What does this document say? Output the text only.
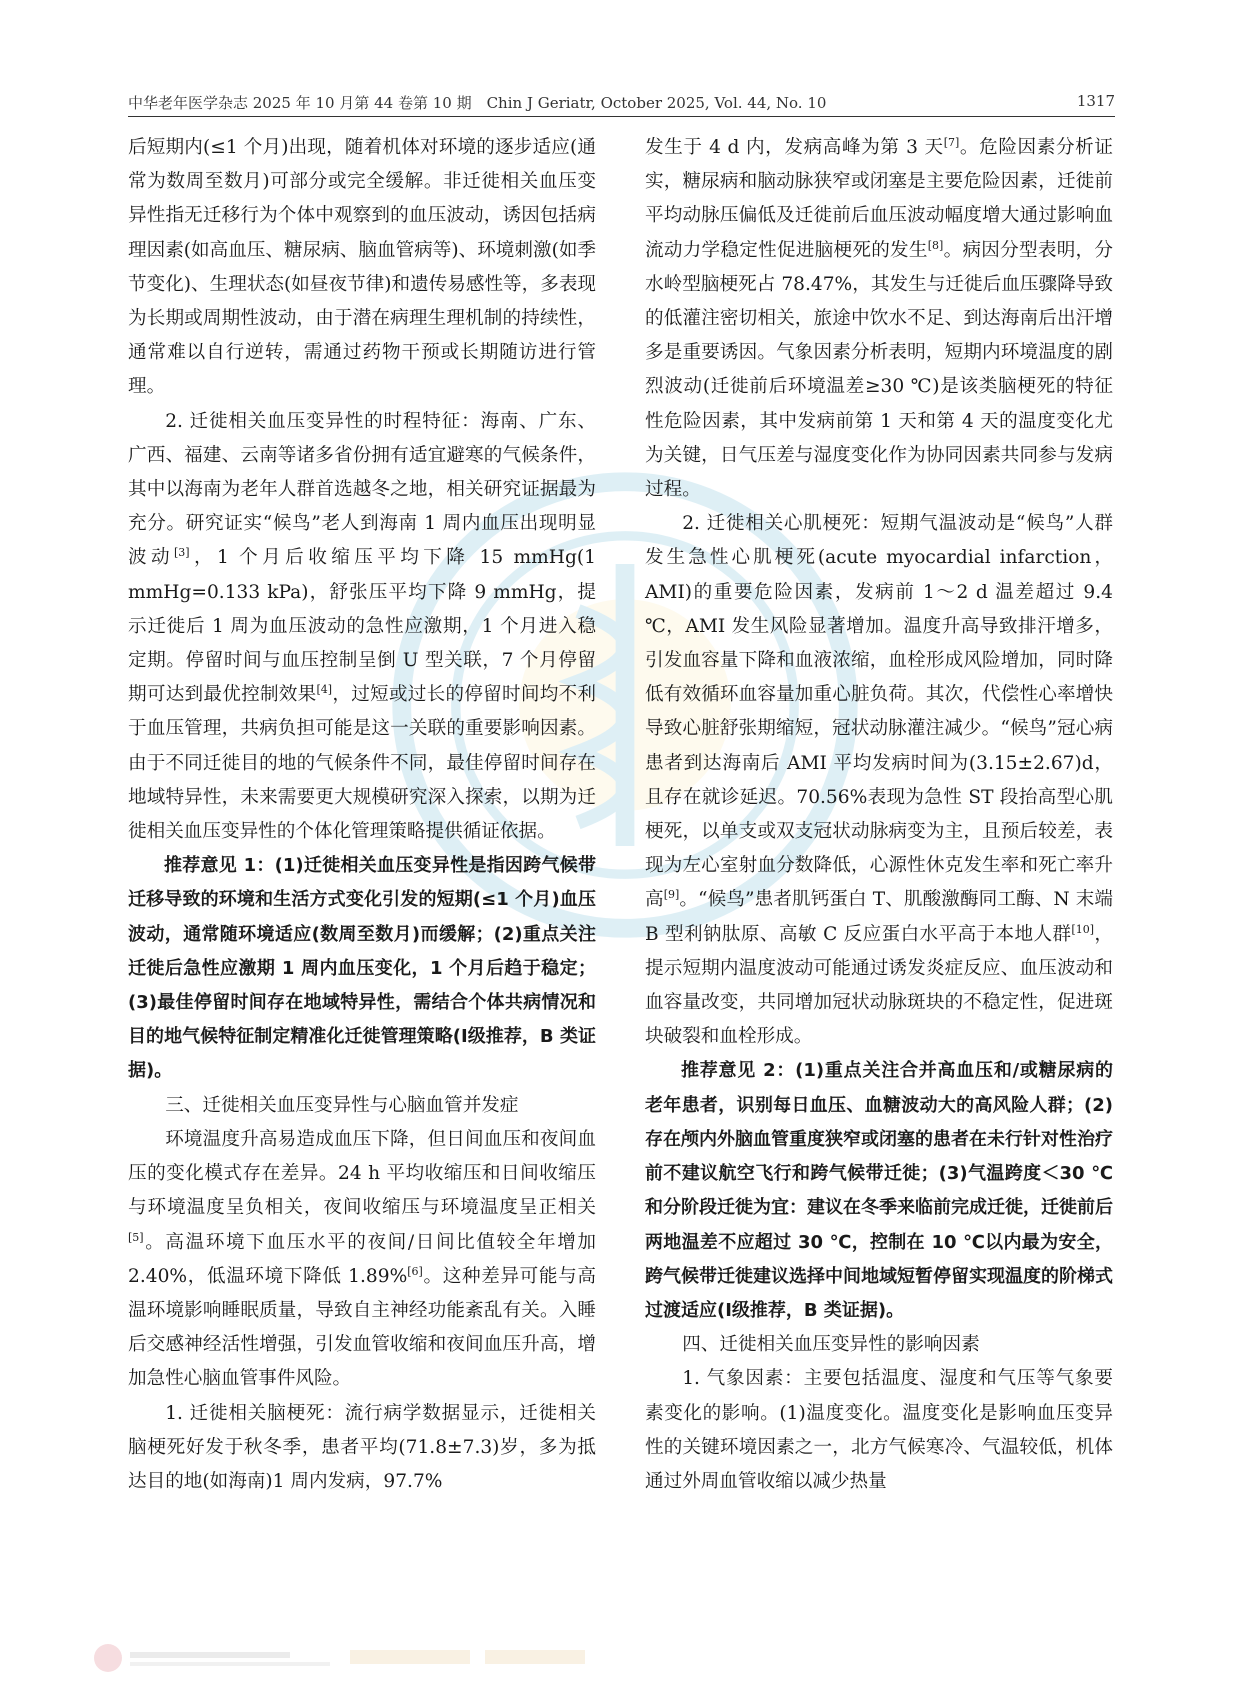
中华老年医学杂志 2025 年 10 月第 44 卷第 10 期　Chin J Geriatr, October 2025, Vol. 44, No. 10	1317

后短期内(≤1 个月)出现，随着机体对环境的逐步适应(通常为数周至数月)可部分或完全缓解。非迁徙相关血压变异性指无迁移行为个体中观察到的血压波动，诱因包括病理因素(如高血压、糖尿病、脑血管病等)、环境刺激(如季节变化)、生理状态(如昼夜节律)和遗传易感性等，多表现为长期或周期性波动，由于潜在病理生理机制的持续性，通常难以自行逆转，需通过药物干预或长期随访进行管理。

2. 迁徙相关血压变异性的时程特征：海南、广东、广西、福建、云南等诸多省份拥有适宜避寒的气候条件，其中以海南为老年人群首选越冬之地，相关研究证据最为充分。研究证实“候鸟”老人到海南 1 周内血压出现明显波动[3]，1 个月后收缩压平均下降 15 mmHg(1 mmHg=0.133 kPa)，舒张压平均下降 9 mmHg，提示迁徙后 1 周为血压波动的急性应激期，1 个月进入稳定期。停留时间与血压控制呈倒 U 型关联，7 个月停留期可达到最优控制效果[4]，过短或过长的停留时间均不利于血压管理，共病负担可能是这一关联的重要影响因素。由于不同迁徙目的地的气候条件不同，最佳停留时间存在地域特异性，未来需要更大规模研究深入探索，以期为迁徙相关血压变异性的个体化管理策略提供循证依据。

推荐意见 1：(1)迁徙相关血压变异性是指因跨气候带迁移导致的环境和生活方式变化引发的短期(≤1 个月)血压波动，通常随环境适应(数周至数月)而缓解；(2)重点关注迁徙后急性应激期 1 周内血压变化，1 个月后趋于稳定；(3)最佳停留时间存在地域特异性，需结合个体共病情况和目的地气候特征制定精准化迁徙管理策略(Ⅰ级推荐，B 类证据)。

三、迁徙相关血压变异性与心脑血管并发症

环境温度升高易造成血压下降，但日间血压和夜间血压的变化模式存在差异。24 h 平均收缩压和日间收缩压与环境温度呈负相关，夜间收缩压与环境温度呈正相关[5]。高温环境下血压水平的夜间/日间比值较全年增加 2.40%，低温环境下降低 1.89%[6]。这种差异可能与高温环境影响睡眠质量，导致自主神经功能紊乱有关。入睡后交感神经活性增强，引发血管收缩和夜间血压升高，增加急性心脑血管事件风险。

1. 迁徙相关脑梗死：流行病学数据显示，迁徙相关脑梗死好发于秋冬季，患者平均(71.8±7.3)岁，多为抵达目的地(如海南)1 周内发病，97.7%

发生于 4 d 内，发病高峰为第 3 天[7]。危险因素分析证实，糖尿病和脑动脉狭窄或闭塞是主要危险因素，迁徙前平均动脉压偏低及迁徙前后血压波动幅度增大通过影响血流动力学稳定性促进脑梗死的发生[8]。病因分型表明，分水岭型脑梗死占 78.47%，其发生与迁徙后血压骤降导致的低灌注密切相关，旅途中饮水不足、到达海南后出汗增多是重要诱因。气象因素分析表明，短期内环境温度的剧烈波动(迁徙前后环境温差≥30 ℃)是该类脑梗死的特征性危险因素，其中发病前第 1 天和第 4 天的温度变化尤为关键，日气压差与湿度变化作为协同因素共同参与发病过程。

2. 迁徙相关心肌梗死：短期气温波动是“候鸟”人群发生急性心肌梗死(acute myocardial infarction，AMI)的重要危险因素，发病前 1～2 d 温差超过 9.4 ℃，AMI 发生风险显著增加。温度升高导致排汗增多，引发血容量下降和血液浓缩，血栓形成风险增加，同时降低有效循环血容量加重心脏负荷。其次，代偿性心率增快导致心脏舒张期缩短，冠状动脉灌注减少。“候鸟”冠心病患者到达海南后 AMI 平均发病时间为(3.15±2.67)d，且存在就诊延迟。70.56%表现为急性 ST 段抬高型心肌梗死，以单支或双支冠状动脉病变为主，且预后较差，表现为左心室射血分数降低，心源性休克发生率和死亡率升高[9]。“候鸟”患者肌钙蛋白 T、肌酸激酶同工酶、N 末端 B 型利钠肽原、高敏 C 反应蛋白水平高于本地人群[10]，提示短期内温度波动可能通过诱发炎症反应、血压波动和血容量改变，共同增加冠状动脉斑块的不稳定性，促进斑块破裂和血栓形成。

推荐意见 2：(1)重点关注合并高血压和/或糖尿病的老年患者，识别每日血压、血糖波动大的高风险人群；(2)存在颅内外脑血管重度狭窄或闭塞的患者在未行针对性治疗前不建议航空飞行和跨气候带迁徙；(3)气温跨度＜30 ℃和分阶段迁徙为宜：建议在冬季来临前完成迁徙，迁徙前后两地温差不应超过 30 ℃，控制在 10 ℃以内最为安全，跨气候带迁徙建议选择中间地域短暂停留实现温度的阶梯式过渡适应(Ⅰ级推荐，B 类证据)。

四、迁徙相关血压变异性的影响因素

1. 气象因素：主要包括温度、湿度和气压等气象要素变化的影响。(1)温度变化。温度变化是影响血压变异性的关键环境因素之一，北方气候寒冷、气温较低，机体通过外周血管收缩以减少热量
